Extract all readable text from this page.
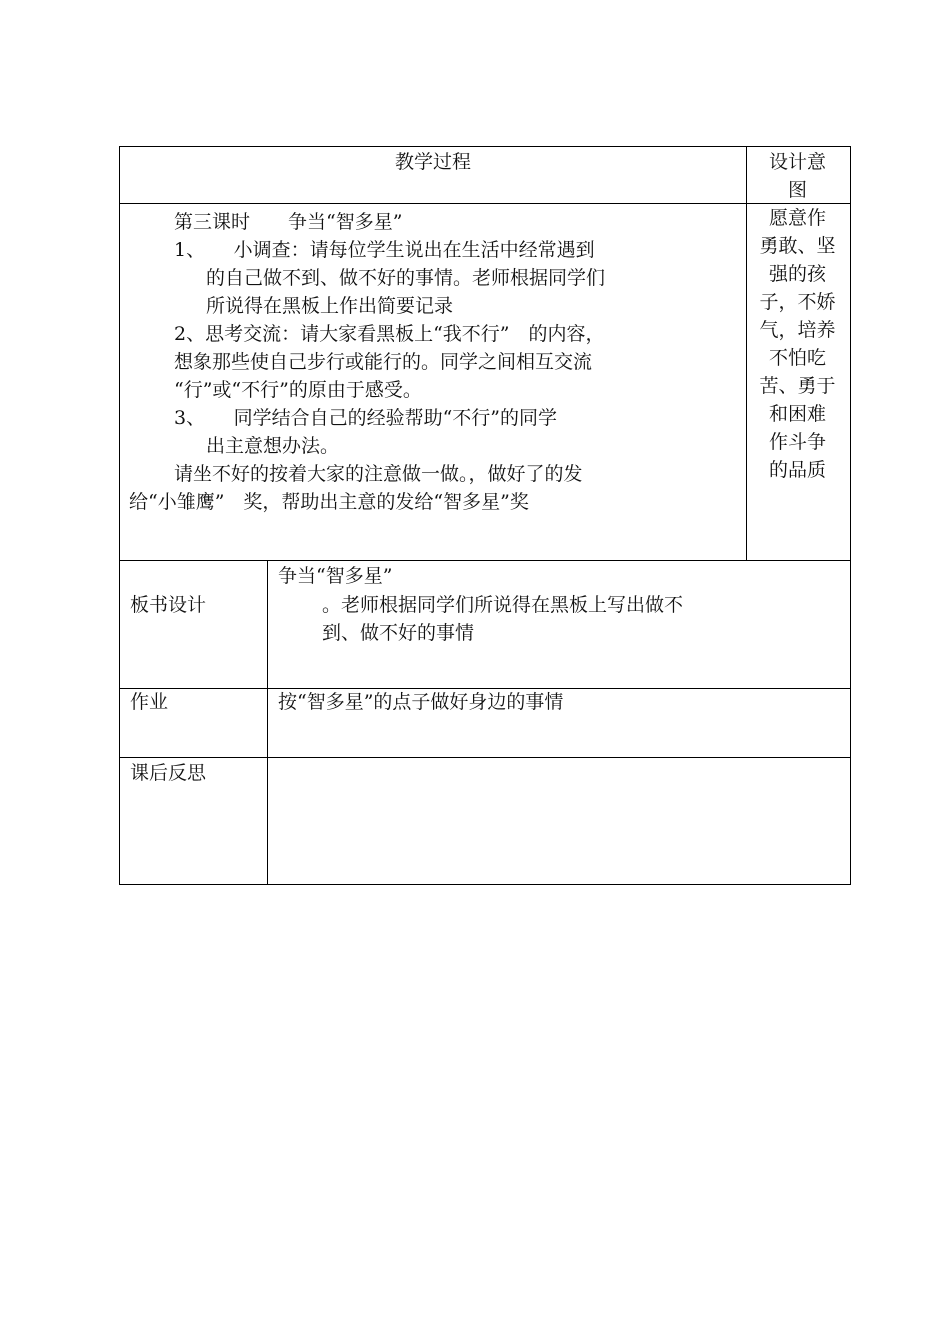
教学过程	设计意
图
第三课时　　争当“智多星”
1、　　小调查：请每位学生说出在生活中经常遇到
的自己做不到、做不好的事情。老师根据同学们
所说得在黑板上作出简要记录
2、思考交流：请大家看黑板上“我不行”　的内容，
想象那些使自己步行或能行的。同学之间相互交流
“行”或“不行”的原由于感受。
3、　　同学结合自己的经验帮助“不行”的同学
出主意想办法。
请坐不好的按着大家的注意做一做。，做好了的发
给“小雏鹰”　奖，帮助出主意的发给“智多星”奖
愿意作
勇敢、坚
强的孩
子，不娇
气，培养
不怕吃
苦、勇于
和困难
作斗争
的品质
板书设计
争当“智多星”
。老师根据同学们所说得在黑板上写出做不
到、做不好的事情
作业	按“智多星”的点子做好身边的事情
课后反思
